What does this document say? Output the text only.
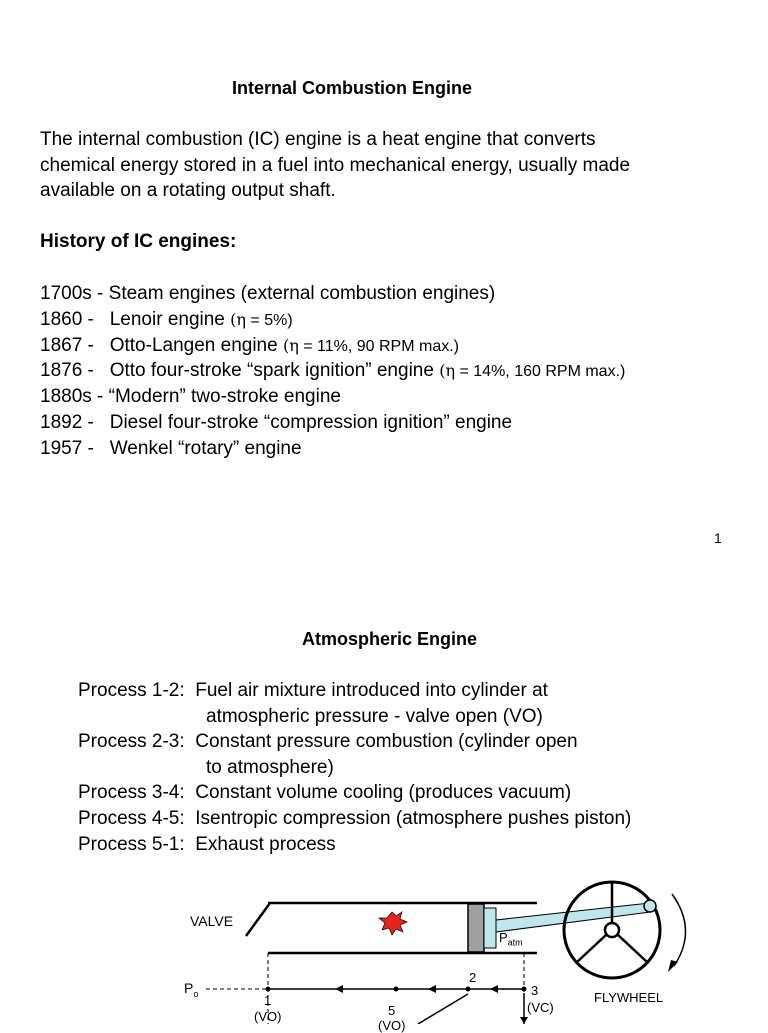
Internal Combustion Engine
The internal combustion (IC) engine is a heat engine that converts
chemical energy stored in a fuel into mechanical energy, usually made
available on a rotating output shaft.
History of IC engines:
1700s - Steam engines (external combustion engines)
1860 - Lenoir engine (η = 5%)
1867 - Otto-Langen engine (η = 11%, 90 RPM max.)
1876 - Otto four-stroke “spark ignition” engine (η = 14%, 160 RPM max.)
1880s - “Modern” two-stroke engine
1892 - Diesel four-stroke “compression ignition” engine
1957 - Wenkel “rotary” engine
1
Atmospheric Engine
Process 1-2: Fuel air mixture introduced into cylinder at
atmospheric pressure - valve open (VO)
Process 2-3: Constant pressure combustion (cylinder open
to atmosphere)
Process 3-4: Constant volume cooling (produces vacuum)
Process 4-5: Isentropic compression (atmosphere pushes piston)
Process 5-1: Exhaust process
VALVE
$P_{atm}$
FLYWHEEL
$P_o$	1
(VO)
2
3
(VC)
5
(VO)
